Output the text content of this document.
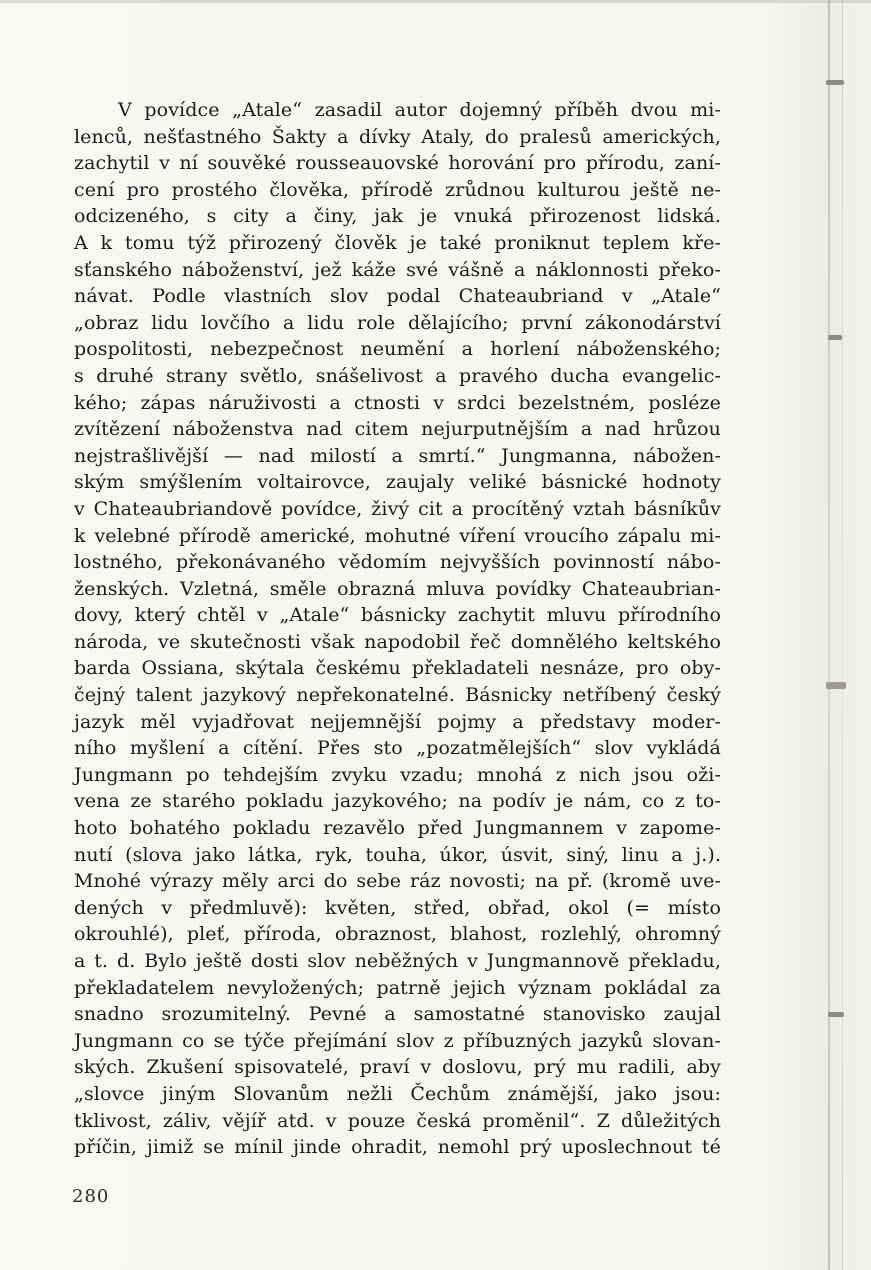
V povídce „Atale“ zasadil autor dojemný příběh dvou mi-
lenců, nešťastného Šakty a dívky Ataly, do pralesů amerických,
zachytil v ní souvěké rousseauovské horování pro přírodu, zaní-
cení pro prostého člověka, přírodě zrůdnou kulturou ještě ne-
odcizeného, s city a činy, jak je vnuká přirozenost lidská.
A k tomu týž přirozený člověk je také proniknut teplem kře-
sťanského náboženství, jež káže své vášně a náklonnosti překo-
návat. Podle vlastních slov podal Chateaubriand v „Atale“
„obraz lidu lovčího a lidu role dělajícího; první zákonodárství
pospolitosti, nebezpečnost neumění a horlení náboženského;
s druhé strany světlo, snášelivost a pravého ducha evangelic-
kého; zápas náruživosti a ctnosti v srdci bezelstném, posléze
zvítězení náboženstva nad citem nejurputnějším a nad hrůzou
nejstrašlivější — nad milostí a smrtí.“ Jungmanna, nábožen-
ským smýšlením voltairovce, zaujaly veliké básnické hodnoty
v Chateaubriandově povídce, živý cit a procítěný vztah básníkův
k velebné přírodě americké, mohutné víření vroucího zápalu mi-
lostného, překonávaného vědomím nejvyšších povinností nábo-
ženských. Vzletná, směle obrazná mluva povídky Chateaubrian-
dovy, který chtěl v „Atale“ básnicky zachytit mluvu přírodního
národa, ve skutečnosti však napodobil řeč domnělého keltského
barda Ossiana, skýtala českému překladateli nesnáze, pro oby-
čejný talent jazykový nepřekonatelné. Básnicky netříbený český
jazyk měl vyjadřovat nejjemnější pojmy a představy moder-
ního myšlení a cítění. Přes sto „pozatmělejších“ slov vykládá
Jungmann po tehdejším zvyku vzadu; mnohá z nich jsou oži-
vena ze starého pokladu jazykového; na podív je nám, co z to-
hoto bohatého pokladu rezavělo před Jungmannem v zapome-
nutí (slova jako látka, ryk, touha, úkor, úsvit, siný, linu a j.).
Mnohé výrazy měly arci do sebe ráz novosti; na př. (kromě uve-
dených v předmluvě): květen, střed, obřad, okol (= místo
okrouhlé), pleť, příroda, obraznost, blahost, rozlehlý, ohromný
a t. d. Bylo ještě dosti slov neběžných v Jungmannově překladu,
překladatelem nevyložených; patrně jejich význam pokládal za
snadno srozumitelný. Pevné a samostatné stanovisko zaujal
Jungmann co se týče přejímání slov z příbuzných jazyků slovan-
ských. Zkušení spisovatelé, praví v doslovu, prý mu radili, aby
„slovce jiným Slovanům nežli Čechům známější, jako jsou:
tklivost, záliv, vějíř atd. v pouze česká proměnil“. Z důležitých
příčin, jimiž se mínil jinde ohradit, nemohl prý uposlechnout té
280
